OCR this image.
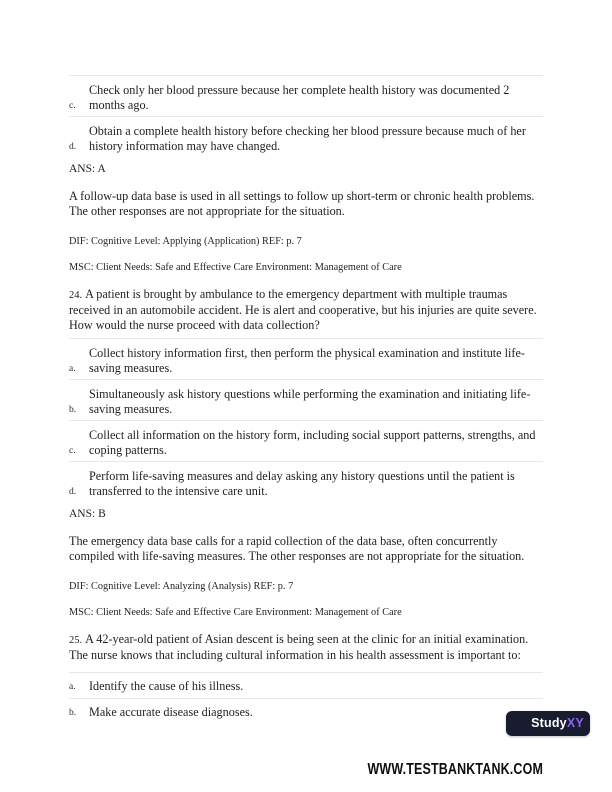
c.
Check only her blood pressure because her complete health history was documented 2 months ago.
d.
Obtain a complete health history before checking her blood pressure because much of her history information may have changed.

ANS: A

A follow-up data base is used in all settings to follow up short-term or chronic health problems. The other responses are not appropriate for the situation.

DIF: Cognitive Level: Applying (Application) REF: p. 7

MSC: Client Needs: Safe and Effective Care Environment: Management of Care

24. A patient is brought by ambulance to the emergency department with multiple traumas received in an automobile accident. He is alert and cooperative, but his injuries are quite severe. How would the nurse proceed with data collection?

a.
Collect history information first, then perform the physical examination and institute life-saving measures.
b.
Simultaneously ask history questions while performing the examination and initiating life-saving measures.
c.
Collect all information on the history form, including social support patterns, strengths, and coping patterns.
d.
Perform life-saving measures and delay asking any history questions until the patient is transferred to the intensive care unit.

ANS: B

The emergency data base calls for a rapid collection of the data base, often concurrently compiled with life-saving measures. The other responses are not appropriate for the situation.

DIF: Cognitive Level: Analyzing (Analysis) REF: p. 7

MSC: Client Needs: Safe and Effective Care Environment: Management of Care

25. A 42-year-old patient of Asian descent is being seen at the clinic for an initial examination. The nurse knows that including cultural information in his health assessment is important to:

a.	Identify the cause of his illness.
b.	Make accurate disease diagnoses.
StudyXY
WWW.TESTBANKTANK.COM
